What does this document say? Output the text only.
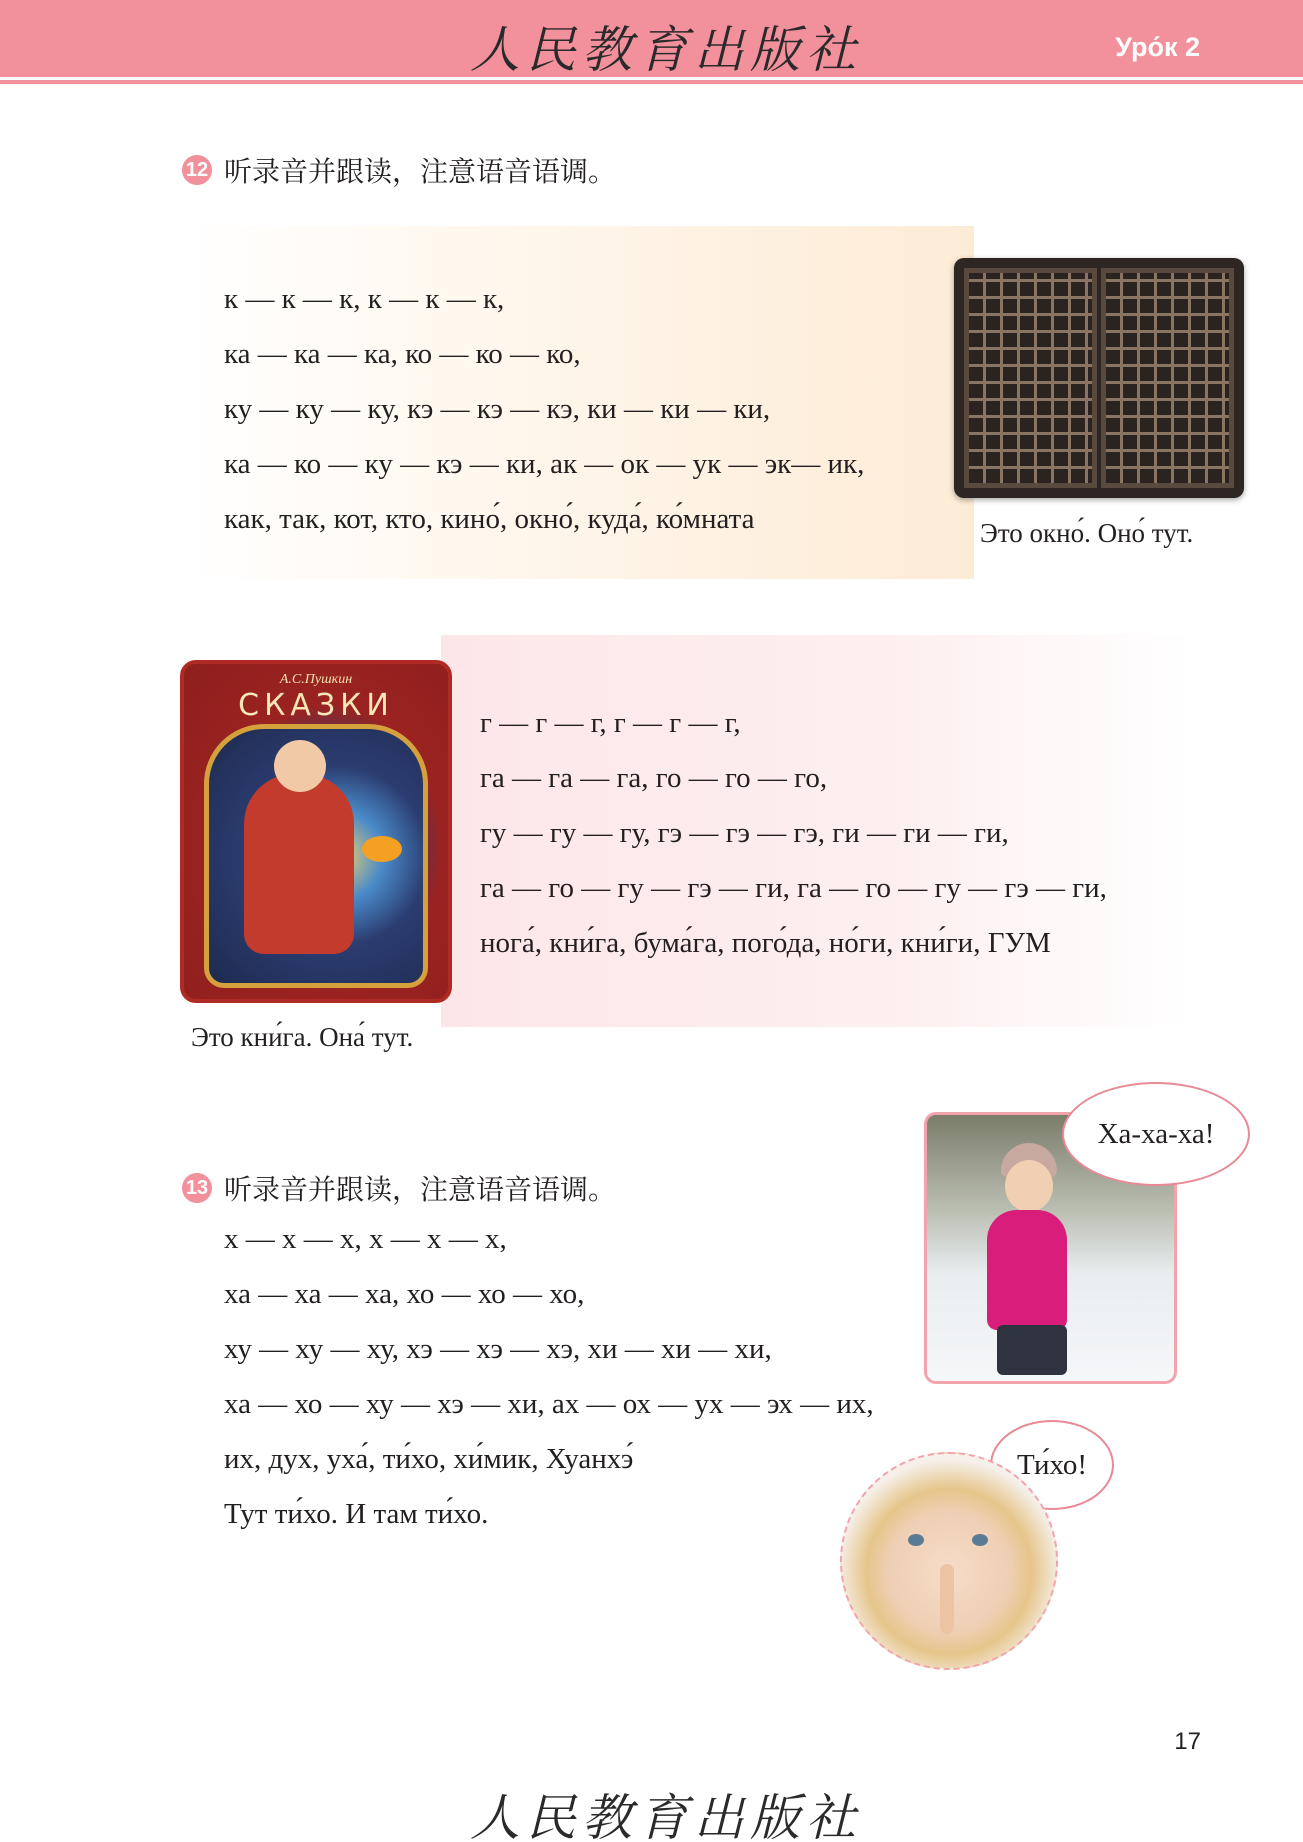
人民教育出版社	Уро́к 2
12 听录音并跟读，注意语音语调。
к — к — к, к — к — к,
ка — ка — ка, ко — ко — ко,
ку — ку — ку, кэ — кэ — кэ, ки — ки — ки,
ка — ко — ку — кэ — ки, ак — ок — ук — эк— ик,
как, так, кот, кто, кино́, окно́, куда́, ко́мната	Это окно́. Оно́ тут.
А.С.Пушкин
СКАЗКИ	г — г — г, г — г — г,
га — га — га, го — го — го,
гу — гу — гу, гэ — гэ — гэ, ги — ги — ги,
га — го — гу — гэ — ги, га — го — гу — гэ — ги,
нога́, кни́га, бума́га, пого́да, но́ги, кни́ги, ГУМ
Это кни́га. Она́ тут.
Ха-ха-ха!
13 听录音并跟读，注意语音语调。
х — х — х, х — х — х,
ха — ха — ха, хо — хо — хо,
ху — ху — ху, хэ — хэ — хэ, хи — хи — хи,
ха — хо — ху — хэ — хи, ах — ох — ух — эх — их,
их, дух, уха́, ти́хо, хи́мик, Хуанхэ́
Тут ти́хо. И там ти́хо.
Ти́хо!
17
人民教育出版社
